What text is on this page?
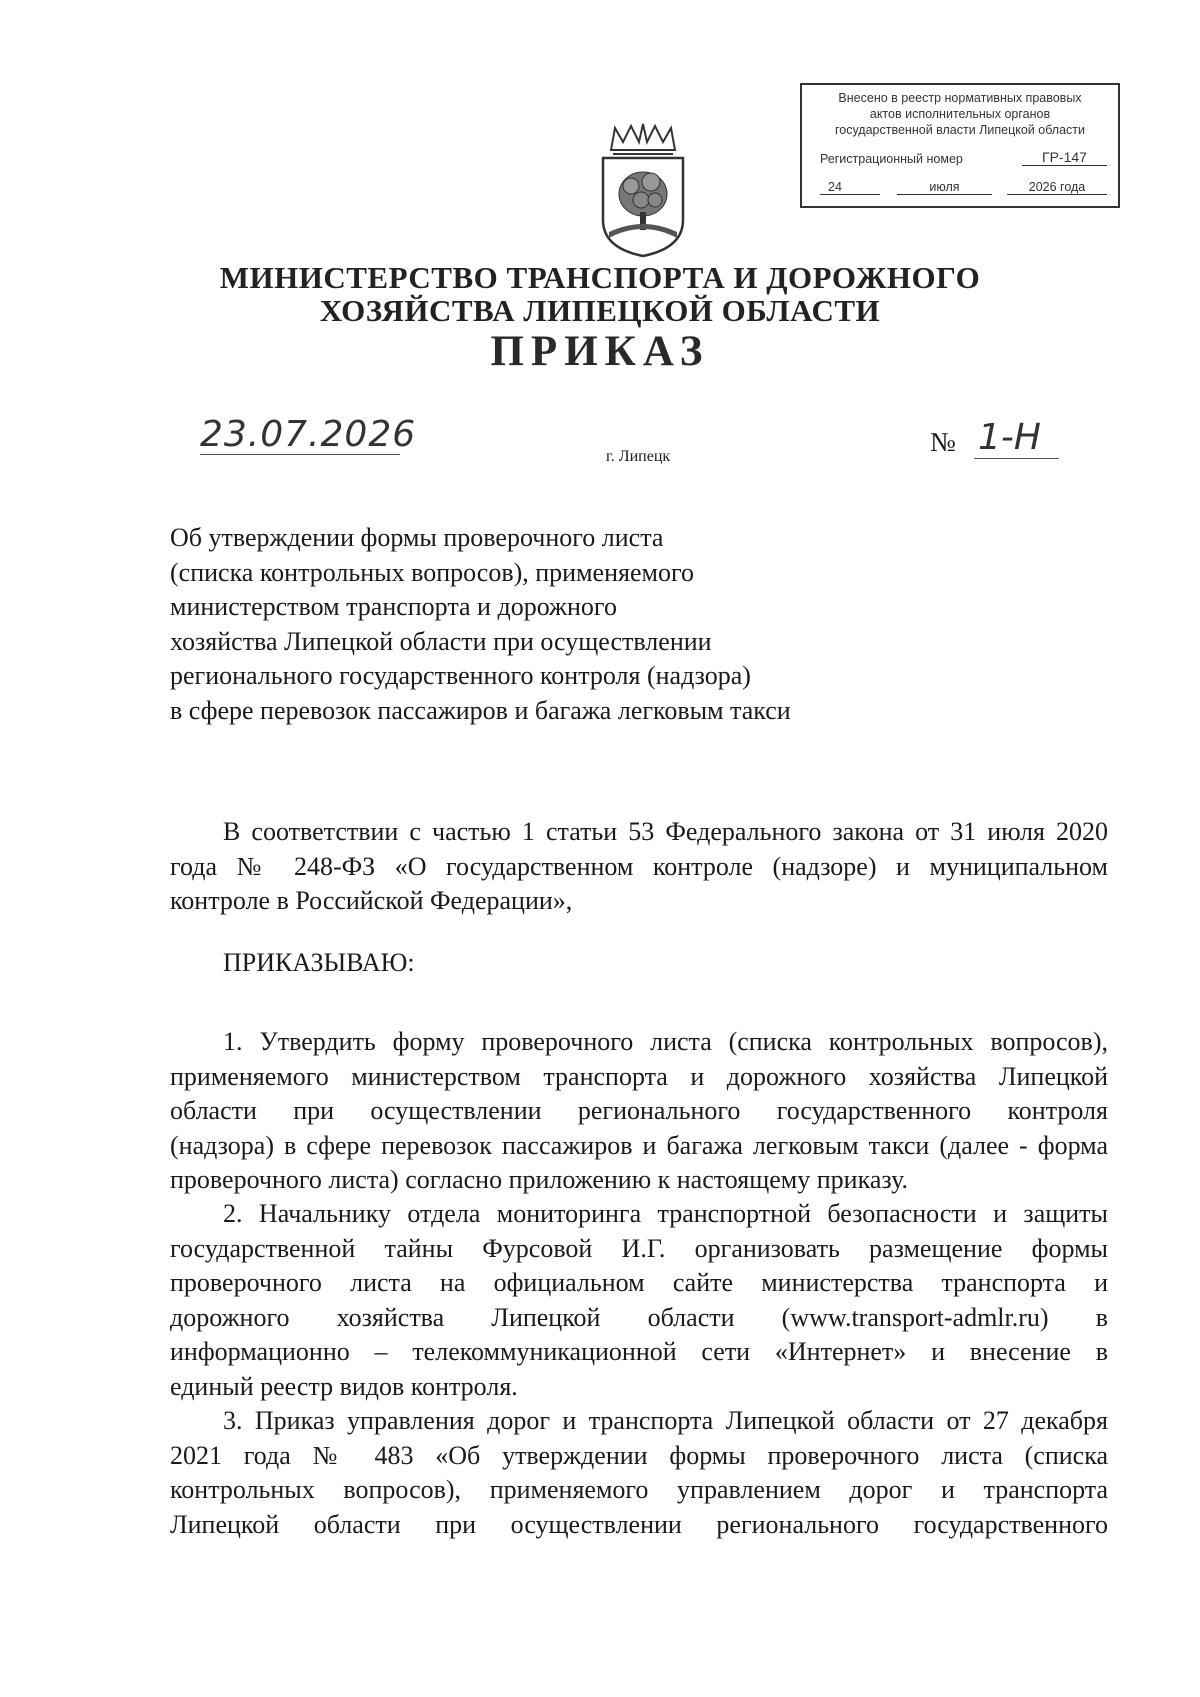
Внесено в реестр нормативных правовых
актов исполнительных органов
государственной власти Липецкой области
Регистрационный номер	ГР-147
24	июля	2026 года
МИНИСТЕРСТВО ТРАНСПОРТА И ДОРОЖНОГО
ХОЗЯЙСТВА ЛИПЕЦКОЙ ОБЛАСТИ
ПРИКАЗ
23.07.2026
г. Липецк	№ 1-Н
Об утверждении формы проверочного листа
(списка контрольных вопросов), применяемого
министерством транспорта и дорожного
хозяйства Липецкой области при осуществлении
регионального государственного контроля (надзора)
в сфере перевозок пассажиров и багажа легковым такси
В соответствии с частью 1 статьи 53 Федерального закона от 31 июля 2020
года № 248-ФЗ «О государственном контроле (надзоре) и муниципальном
контроле в Российской Федерации»,
ПРИКАЗЫВАЮ:
1. Утвердить форму проверочного листа (списка контрольных вопросов),
применяемого министерством транспорта и дорожного хозяйства Липецкой
области при осуществлении регионального государственного контроля
(надзора) в сфере перевозок пассажиров и багажа легковым такси (далее - форма
проверочного листа) согласно приложению к настоящему приказу.
2. Начальнику отдела мониторинга транспортной безопасности и защиты
государственной тайны Фурсовой И.Г. организовать размещение формы
проверочного листа на официальном сайте министерства транспорта и
дорожного хозяйства Липецкой области (www.transport-admlr.ru) в
информационно – телекоммуникационной сети «Интернет» и внесение в
единый реестр видов контроля.
3. Приказ управления дорог и транспорта Липецкой области от 27 декабря
2021 года № 483 «Об утверждении формы проверочного листа (списка
контрольных вопросов), применяемого управлением дорог и транспорта
Липецкой области при осуществлении регионального государственного
